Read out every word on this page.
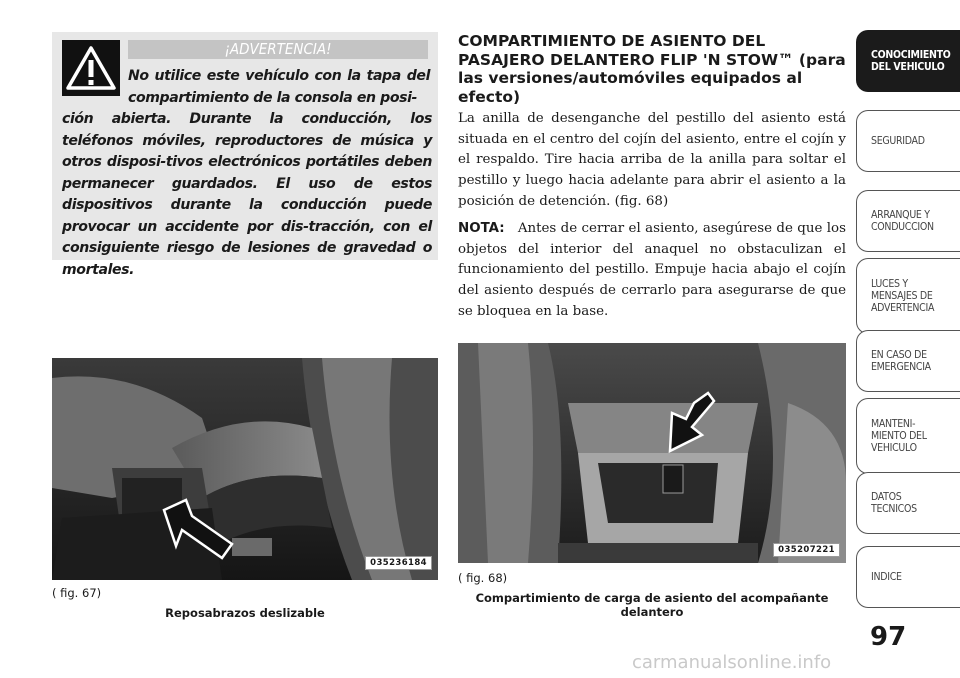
¡ADVERTENCIA!
No utilice este vehículo con la tapa del compartimiento de la consola en posi-
ción abierta. Durante la conducción, los teléfonos móviles, reproductores de música y otros disposi-tivos electrónicos portátiles deben permanecer guardados. El uso de estos dispositivos durante la conducción puede provocar un accidente por dis-tracción, con el consiguiente riesgo de lesiones de gravedad o mortales.
COMPARTIMIENTO DE ASIENTO DEL PASAJERO DELANTERO FLIP 'N STOW™ (para las versiones/automóviles equipados al efecto)
La anilla de desenganche del pestillo del asiento está situada en el centro del cojín del asiento, entre el cojín y el respaldo. Tire hacia arriba de la anilla para soltar el pestillo y luego hacia adelante para abrir el asiento a la posición de detención. (fig. 68)
NOTA: Antes de cerrar el asiento, asegúrese de que los objetos del interior del anaquel no obstaculizan el funcionamiento del pestillo. Empuje hacia abajo el cojín del asiento después de cerrarlo para asegurarse de que se bloquea en la base.
035236184
( fig. 67)
Reposabrazos deslizable
035207221
( fig. 68)
Compartimiento de carga de asiento del acompañante delantero
CONOCIMIENTO
DEL VEHICULO
SEGURIDAD
ARRANQUE Y
CONDUCCION
LUCES Y
MENSAJES DE
ADVERTENCIA
EN CASO DE
EMERGENCIA
MANTENI-
MIENTO DEL
VEHICULO
DATOS
TECNICOS
INDICE
97
carmanualsonline.info
